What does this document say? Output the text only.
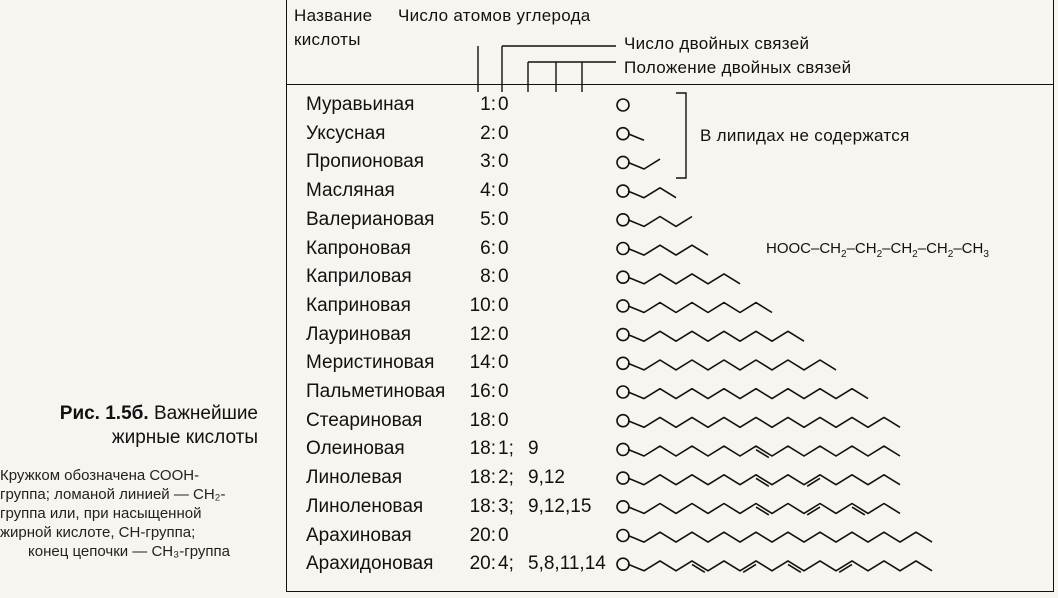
Рис. 1.5б. Важнейшие
жирные кислоты
Кружком обозначена СООН-
группа; ломаной линией — СН₂-
группа или, при насыщенной
жирной кислоте, СН-группа;
конец цепочки — СН₃-группа
Название
кислоты
Число атомов углерода
Число двойных связей
Положение двойных связей
В липидах не содержатся
HOOC–$CH_2-CH_2-CH_2-CH_2-CH_3$
Муравьиная	1: 0
Уксусная	2: 0
Пропионовая	3: 0
Масляная	4: 0
Валериановая	5: 0
Капроновая	6: 0
Каприловая	8: 0
Каприновая	10: 0
Лауриновая	12: 0
Меристиновая	14: 0
Пальметиновая	16: 0
Стеариновая	18: 0
Олеиновая	18: 1; 9
Линолевая	18: 2; 9,12
Линоленовая	18: 3; 9,12,15
Арахиновая	20: 0
Арахидоновая	20: 4; 5,8,11,14
